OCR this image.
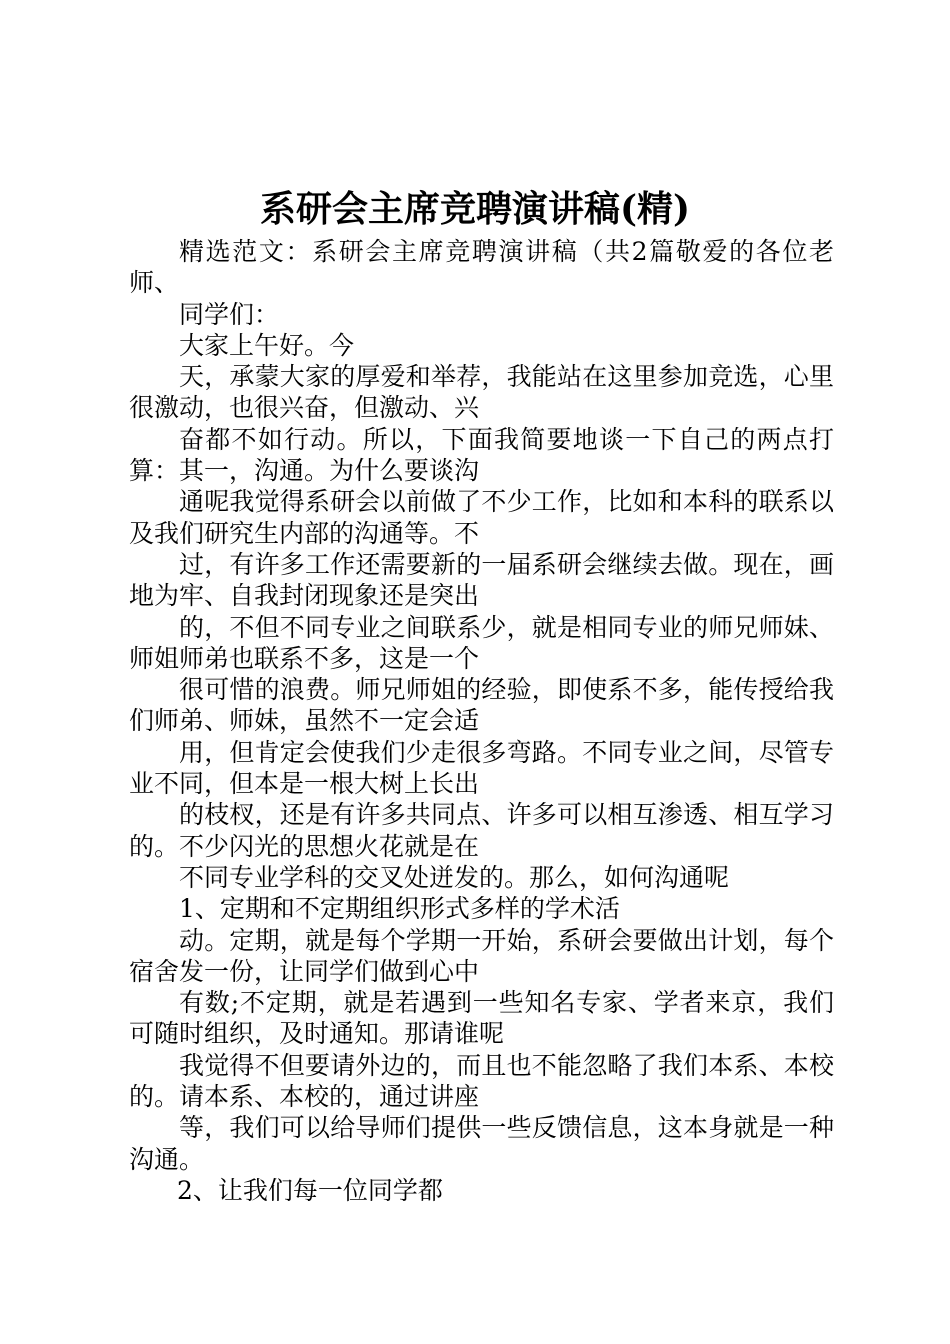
系研会主席竞聘演讲稿(精)

精选范文：系研会主席竞聘演讲稿（共2篇敬爱的各位老师、

同学们：

大家上午好。今

天，承蒙大家的厚爱和举荐，我能站在这里参加竞选，心里很激动，也很兴奋，但激动、兴

奋都不如行动。所以，下面我简要地谈一下自己的两点打算：其一，沟通。为什么要谈沟

通呢我觉得系研会以前做了不少工作，比如和本科的联系以及我们研究生内部的沟通等。不

过，有许多工作还需要新的一届系研会继续去做。现在，画地为牢、自我封闭现象还是突出

的，不但不同专业之间联系少，就是相同专业的师兄师妹、师姐师弟也联系不多，这是一个

很可惜的浪费。师兄师姐的经验，即使系不多，能传授给我们师弟、师妹，虽然不一定会适

用，但肯定会使我们少走很多弯路。不同专业之间，尽管专业不同，但本是一根大树上长出

的枝杈，还是有许多共同点、许多可以相互渗透、相互学习的。不少闪光的思想火花就是在

不同专业学科的交叉处迸发的。那么，如何沟通呢

1、定期和不定期组织形式多样的学术活

动。定期，就是每个学期一开始，系研会要做出计划，每个宿舍发一份，让同学们做到心中

有数;不定期，就是若遇到一些知名专家、学者来京，我们可随时组织，及时通知。那请谁呢

我觉得不但要请外边的，而且也不能忽略了我们本系、本校的。请本系、本校的，通过讲座

等，我们可以给导师们提供一些反馈信息，这本身就是一种沟通。

2、让我们每一位同学都
